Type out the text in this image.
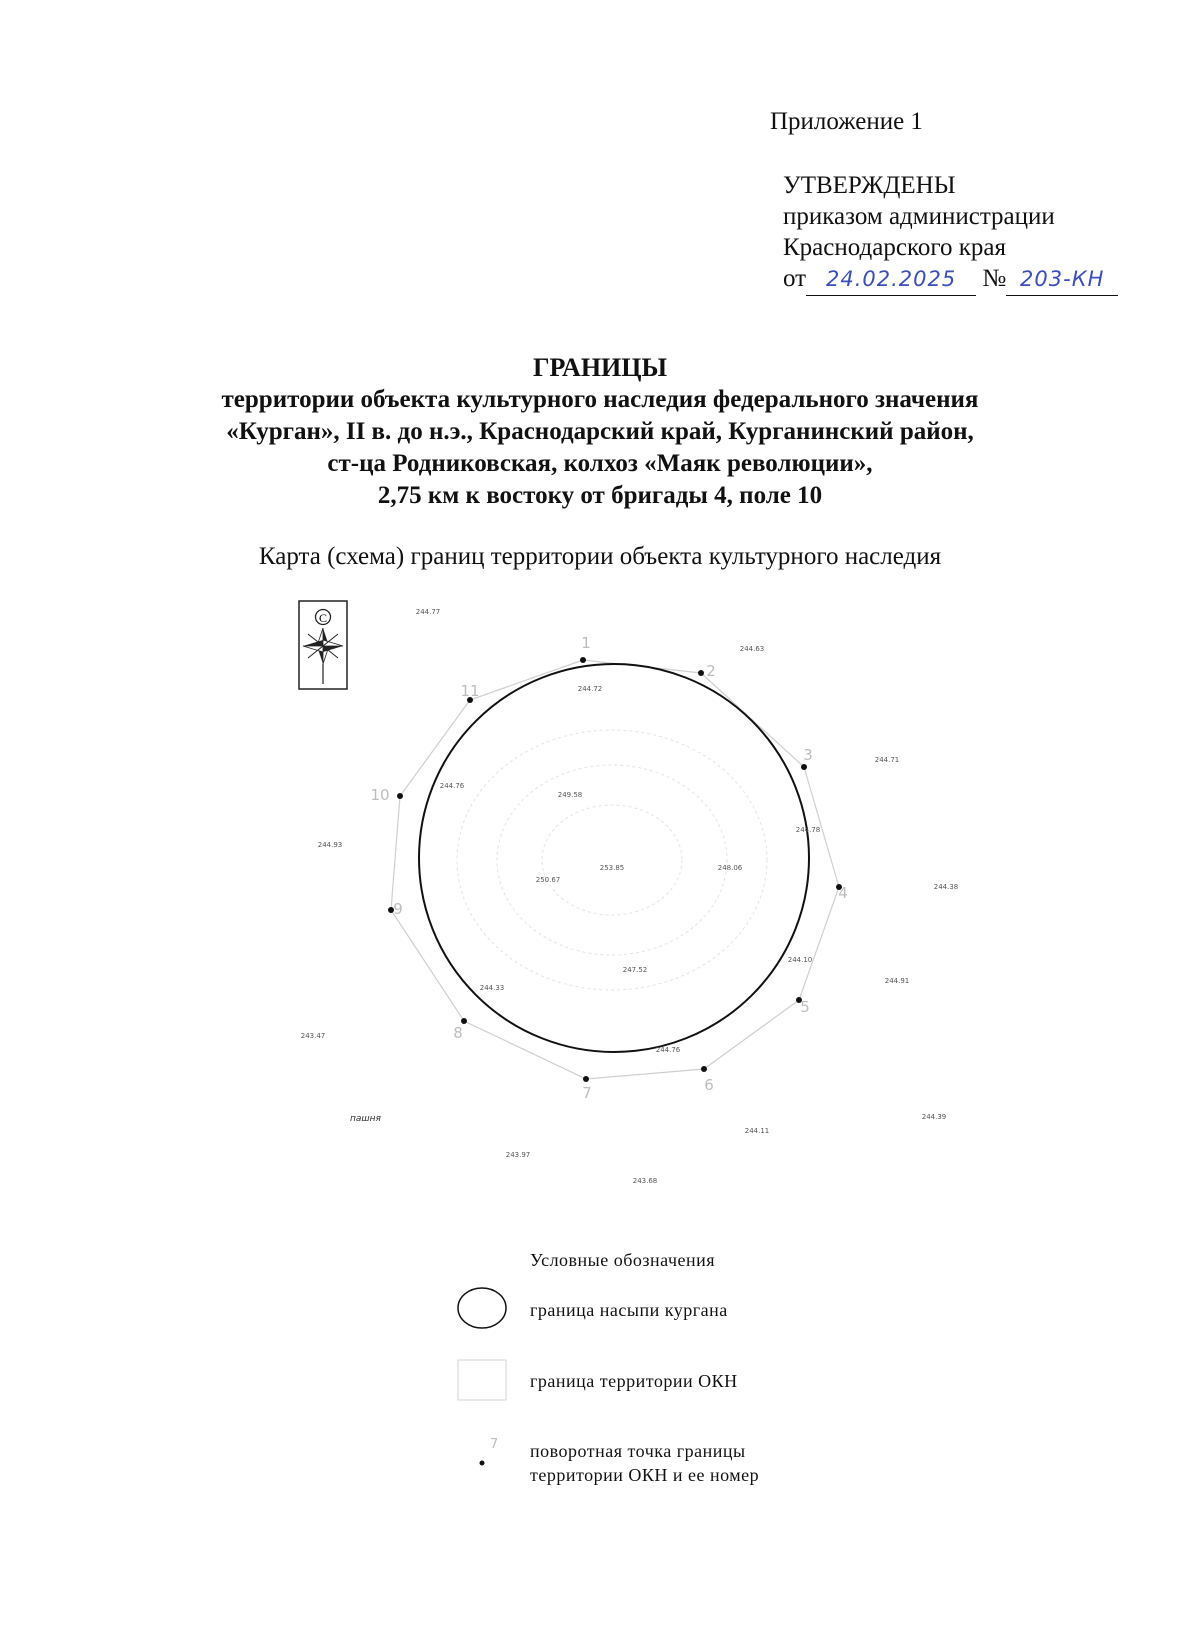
Приложение 1
УТВЕРЖДЕНЫ
приказом администрации
Краснодарского края
от 24.02.2025 № 203-КН
ГРАНИЦЫ
территории объекта культурного наследия федерального значения
«Курган», II в. до н.э., Краснодарский край, Курганинский район,
ст-ца Родниковская, колхоз «Маяк революции»,
2,75 км к востоку от бригады 4, поле 10
Карта (схема) границ территории объекта культурного наследия
С
1
2
3
4
5
6
7
8
9
10
11
244.77
244.63
244.71
244.38
244.91
244.39
244.11
243.68
243.97
243.47
244.93
244.72
244.76
244.78
244.10
244.76
244.33
249.58
253.85	248.06
250.67
247.52
пашня
7
Условные обозначения
граница насыпи кургана
граница территории ОКН
поворотная точка границы
территории ОКН и ее номер
